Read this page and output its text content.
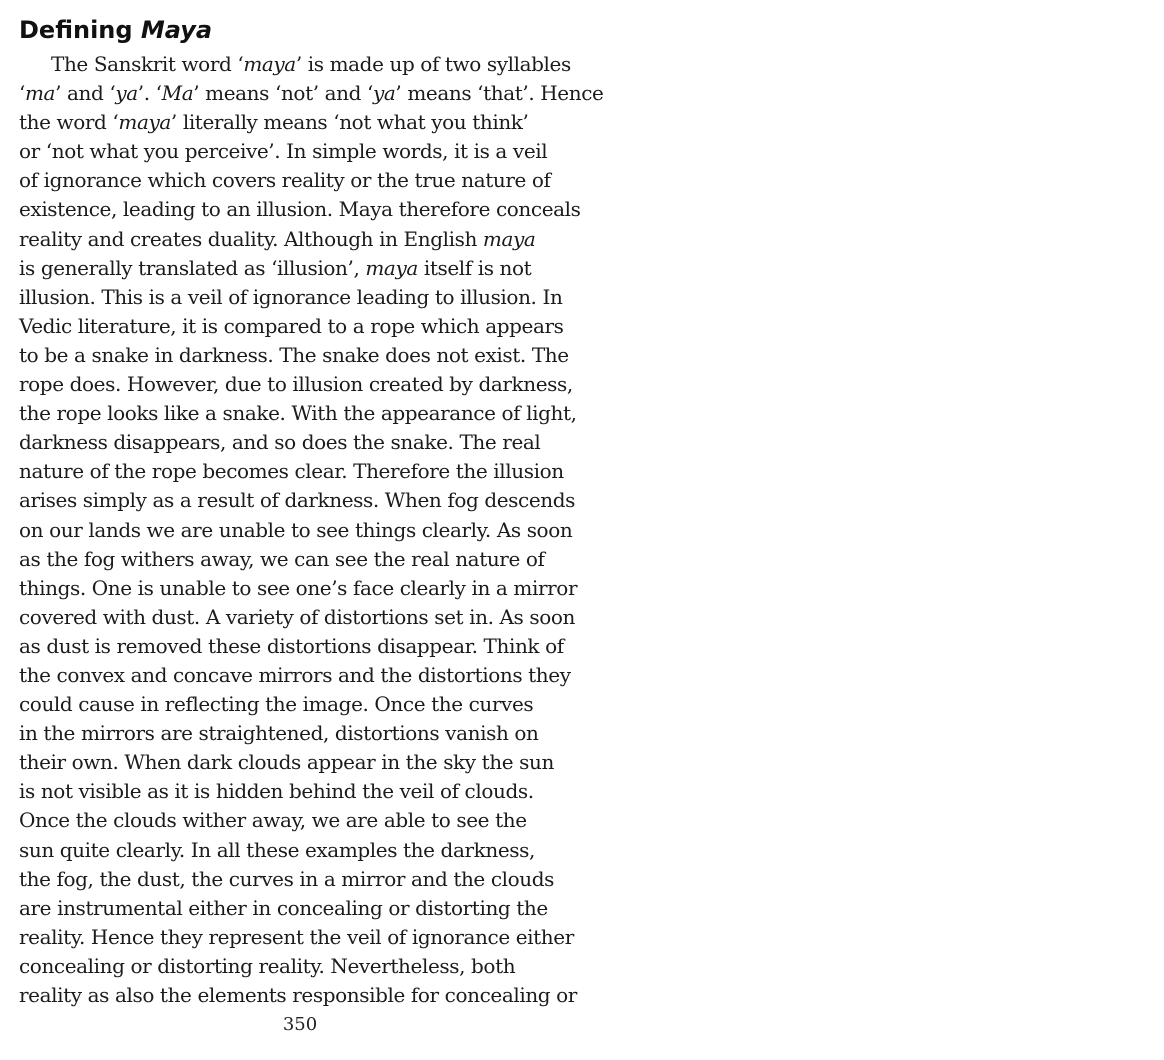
Defining Maya
The Sanskrit word ‘maya’ is made up of two syllables
‘ma’ and ‘ya’. ‘Ma’ means ‘not’ and ‘ya’ means ‘that’. Hence
the word ‘maya’ literally means ‘not what you think’
or ‘not what you perceive’. In simple words, it is a veil
of ignorance which covers reality or the true nature of
existence, leading to an illusion. Maya therefore conceals
reality and creates duality. Although in English maya
is generally translated as ‘illusion’, maya itself is not
illusion. This is a veil of ignorance leading to illusion. In
Vedic literature, it is compared to a rope which appears
to be a snake in darkness. The snake does not exist. The
rope does. However, due to illusion created by darkness,
the rope looks like a snake. With the appearance of light,
darkness disappears, and so does the snake. The real
nature of the rope becomes clear. Therefore the illusion
arises simply as a result of darkness. When fog descends
on our lands we are unable to see things clearly. As soon
as the fog withers away, we can see the real nature of
things. One is unable to see one’s face clearly in a mirror
covered with dust. A variety of distortions set in. As soon
as dust is removed these distortions disappear. Think of
the convex and concave mirrors and the distortions they
could cause in reflecting the image. Once the curves
in the mirrors are straightened, distortions vanish on
their own. When dark clouds appear in the sky the sun
is not visible as it is hidden behind the veil of clouds.
Once the clouds wither away, we are able to see the
sun quite clearly. In all these examples the darkness,
the fog, the dust, the curves in a mirror and the clouds
are instrumental either in concealing or distorting the
reality. Hence they represent the veil of ignorance either
concealing or distorting reality. Nevertheless, both
reality as also the elements responsible for concealing or
350
